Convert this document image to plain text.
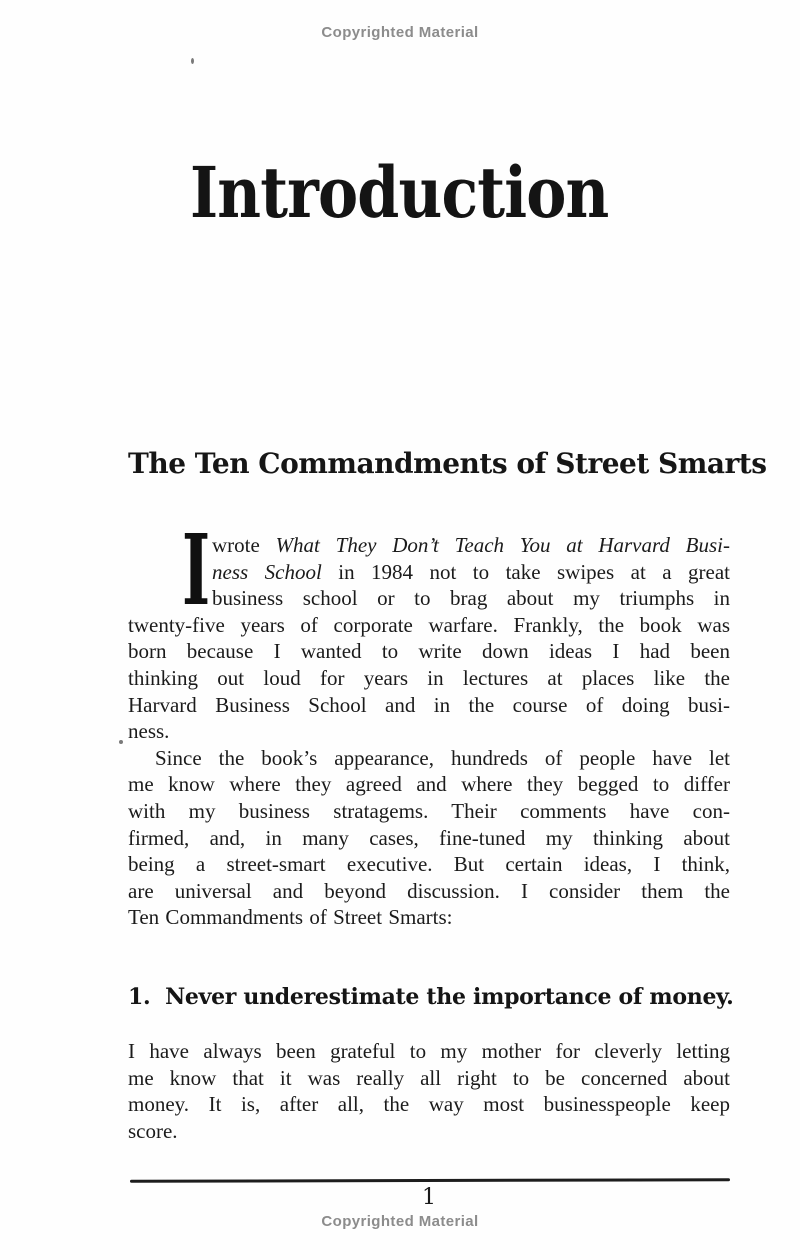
Copyrighted Material
Introduction
The Ten Commandments of Street Smarts
I wrote What They Don’t Teach You at Harvard Busi-
ness School in 1984 not to take swipes at a great
business school or to brag about my triumphs in
twenty-five years of corporate warfare. Frankly, the book was
born because I wanted to write down ideas I had been
thinking out loud for years in lectures at places like the
Harvard Business School and in the course of doing busi-
ness.
Since the book’s appearance, hundreds of people have let
me know where they agreed and where they begged to differ
with my business stratagems. Their comments have con-
firmed, and, in many cases, fine-tuned my thinking about
being a street-smart executive. But certain ideas, I think,
are universal and beyond discussion. I consider them the
Ten Commandments of Street Smarts:
1.  Never underestimate the importance of money.
I have always been grateful to my mother for cleverly letting
me know that it was really all right to be concerned about
money. It is, after all, the way most businesspeople keep
score.
1
Copyrighted Material
